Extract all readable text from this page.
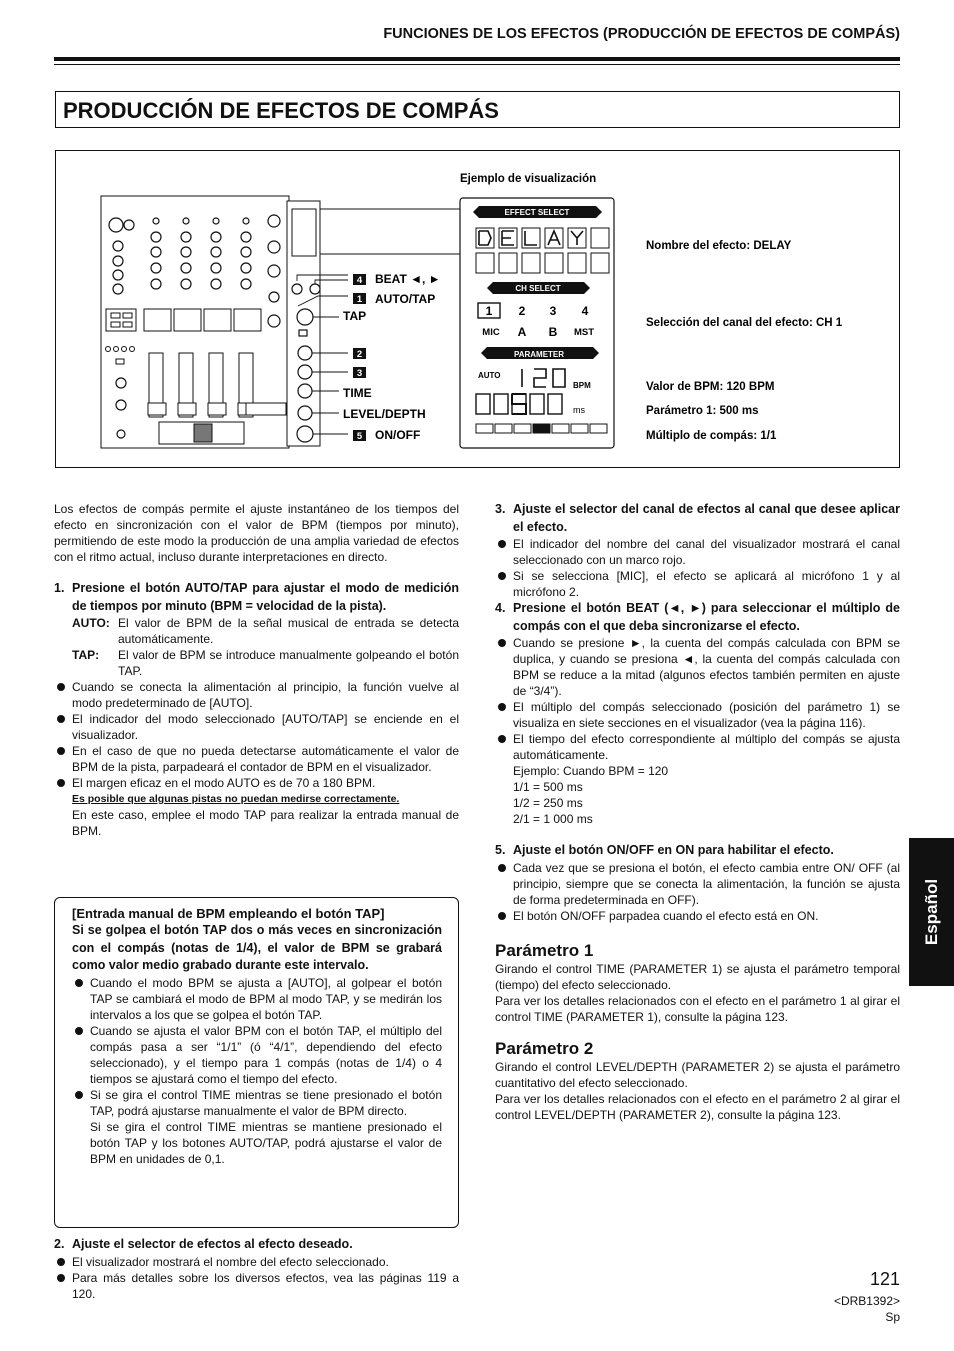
FUNCIONES DE LOS EFECTOS (PRODUCCIÓN DE EFECTOS DE COMPÁS)
PRODUCCIÓN DE EFECTOS DE COMPÁS
4 BEAT ◄, ►
1 AUTO/TAP
TAP
2
3
TIME
LEVEL/DEPTH
5 ON/OFF
Ejemplo de visualización
EFFECT SELECT
CH SELECT
1 2 3 4
MIC A B MST
PARAMETER
AUTO
BPM
ms
Nombre del efecto: DELAY
Selección del canal del efecto: CH 1
Valor de BPM: 120 BPM
Parámetro 1: 500 ms
Múltiplo de compás: 1/1

Los efectos de compás permite el ajuste instantáneo de los tiempos del efecto en sincronización con el valor de BPM (tiempos por minuto), permitiendo de este modo la producción de una amplia variedad de efectos con el ritmo actual, incluso durante interpretaciones en directo.

1. Presione el botón AUTO/TAP para ajustar el modo de medición de tiempos por minuto (BPM = velocidad de la pista).
AUTO: El valor de BPM de la señal musical de entrada se detecta automáticamente.
TAP:	El valor de BPM se introduce manualmente golpeando el botón TAP.
Cuando se conecta la alimentación al principio, la función vuelve al modo predeterminado de [AUTO].
El indicador del modo seleccionado [AUTO/TAP] se enciende en el visualizador.
En el caso de que no pueda detectarse automáticamente el valor de BPM de la pista, parpadeará el contador de BPM en el visualizador.
El margen eficaz en el modo AUTO es de 70 a 180 BPM.
Es posible que algunas pistas no puedan medirse correctamente.
En este caso, emplee el modo TAP para realizar la entrada manual de BPM.
[Entrada manual de BPM empleando el botón TAP]
Si se golpea el botón TAP dos o más veces en sincronización con el compás (notas de 1/4), el valor de BPM se grabará como valor medio grabado durante este intervalo.
Cuando el modo BPM se ajusta a [AUTO], al golpear el botón TAP se cambiará el modo de BPM al modo TAP, y se medirán los intervalos a los que se golpea el botón TAP.
Cuando se ajusta el valor BPM con el botón TAP, el múltiplo del compás pasa a ser “1/1” (ó “4/1”, dependiendo del efecto seleccionado), y el tiempo para 1 compás (notas de 1/4) o 4 tiempos se ajustará como el tiempo del efecto.
Si se gira el control TIME mientras se tiene presionado el botón TAP, podrá ajustarse manualmente el valor de BPM directo.
Si se gira el control TIME mientras se mantiene presionado el botón TAP y los botones AUTO/TAP, podrá ajustarse el valor de BPM en unidades de 0,1.
2. Ajuste el selector de efectos al efecto deseado.
El visualizador mostrará el nombre del efecto seleccionado.
Para más detalles sobre los diversos efectos, vea las páginas 119 a 120.
3. Ajuste el selector del canal de efectos al canal que desee aplicar el efecto.
El indicador del nombre del canal del visualizador mostrará el canal seleccionado con un marco rojo.
Si se selecciona [MIC], el efecto se aplicará al micrófono 1 y al micrófono 2.
4. Presione el botón BEAT (◄, ►) para seleccionar el múltiplo de compás con el que deba sincronizarse el efecto.
Cuando se presione ►, la cuenta del compás calculada con BPM se duplica, y cuando se presiona ◄, la cuenta del compás calculada con BPM se reduce a la mitad (algunos efectos también permiten en ajuste de “3/4”).
El múltiplo del compás seleccionado (posición del parámetro 1) se visualiza en siete secciones en el visualizador (vea la página 116).
El tiempo del efecto correspondiente al múltiplo del compás se ajusta automáticamente.
Ejemplo: Cuando BPM = 120
1/1 = 500 ms
1/2 = 250 ms
2/1 = 1 000 ms
5. Ajuste el botón ON/OFF en ON para habilitar el efecto.
Cada vez que se presiona el botón, el efecto cambia entre ON/ OFF (al principio, siempre que se conecta la alimentación, la función se ajusta de forma predeterminada en OFF).
El botón ON/OFF parpadea cuando el efecto está en ON.
Parámetro 1

Girando el control TIME (PARAMETER 1) se ajusta el parámetro temporal (tiempo) del efecto seleccionado.

Para ver los detalles relacionados con el efecto en el parámetro 1 al girar el control TIME (PARAMETER 1), consulte la página 123.

Parámetro 2

Girando el control LEVEL/DEPTH (PARAMETER 2) se ajusta el parámetro cuantitativo del efecto seleccionado.

Para ver los detalles relacionados con el efecto en el parámetro 2 al girar el control LEVEL/DEPTH (PARAMETER 2), consulte la página 123.

Español
121
<DRB1392>
Sp
